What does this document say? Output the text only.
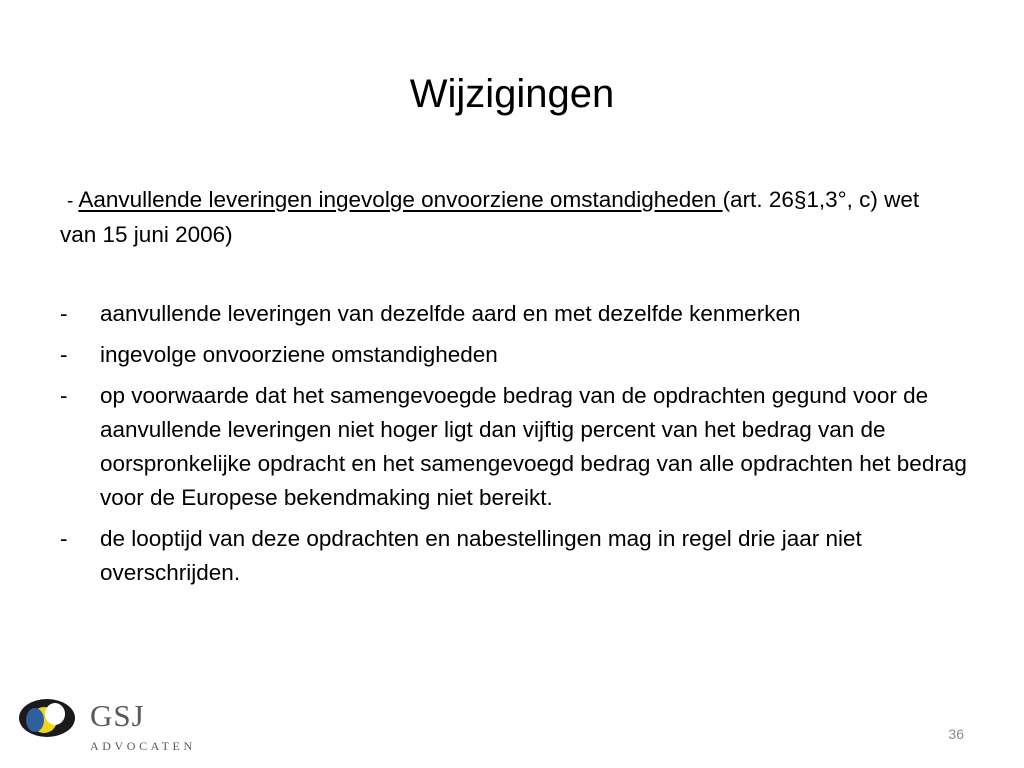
Wijzigingen
- Aanvullende leveringen ingevolge onvoorziene omstandigheden (art. 26§1,3°, c) wet van 15 juni 2006)
-	aanvullende leveringen van dezelfde aard en met dezelfde kenmerken
-	ingevolge onvoorziene omstandigheden
-	op voorwaarde dat het samengevoegde bedrag van de opdrachten gegund voor de aanvullende leveringen niet hoger ligt dan vijftig percent van het bedrag van de oorspronkelijke opdracht en het samengevoegd bedrag van alle opdrachten het bedrag voor de Europese bekendmaking niet bereikt.
-	de looptijd van deze opdrachten en nabestellingen mag in regel drie jaar niet overschrijden.
GSJ
ADVOCATEN
36
